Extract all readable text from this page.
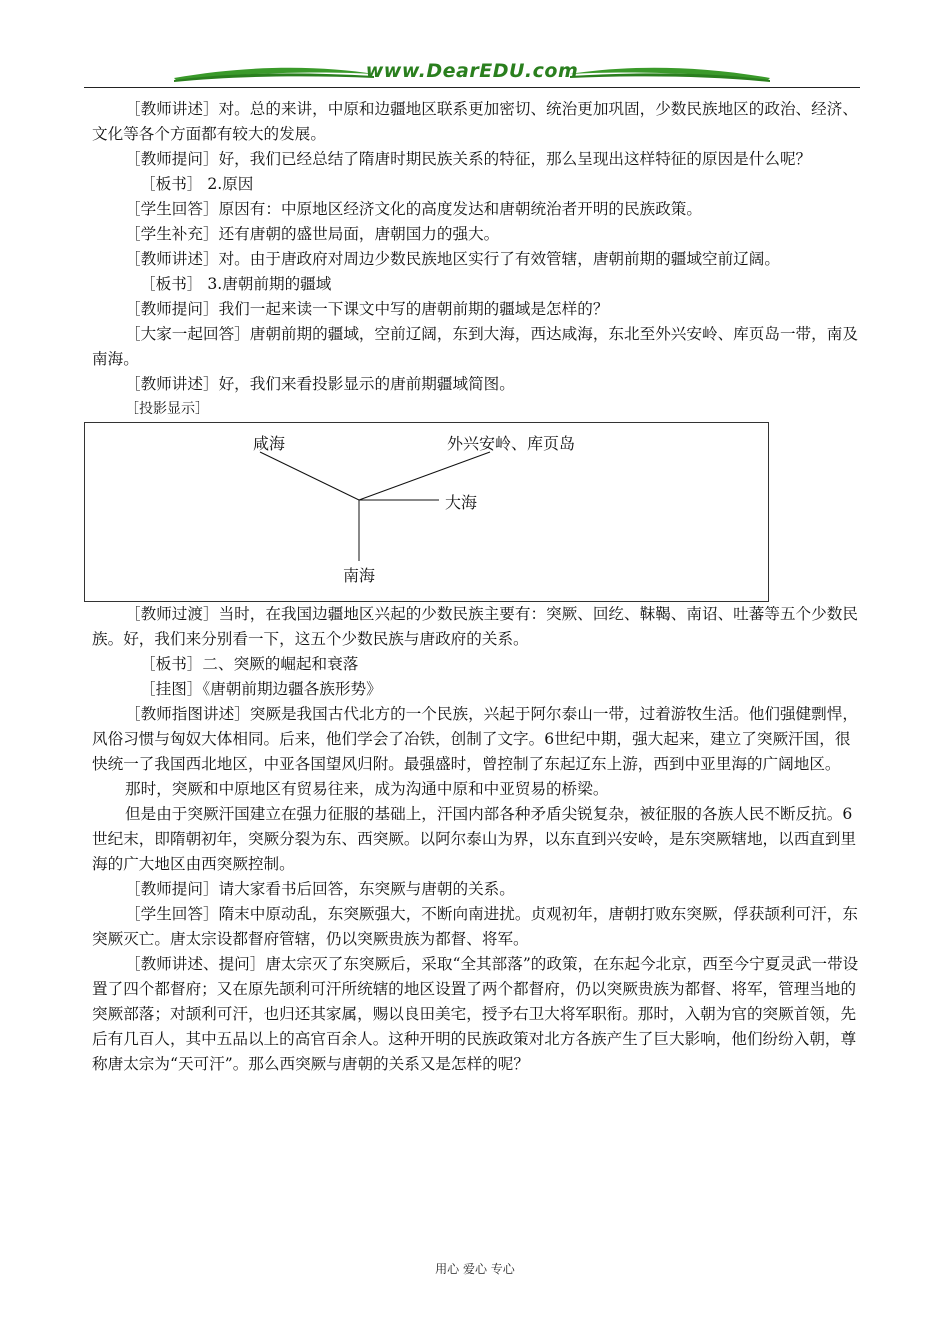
www.DearEDU.com

［教师讲述］对。总的来讲，中原和边疆地区联系更加密切、统治更加巩固，少数民族地区的政治、经济、文化等各个方面都有较大的发展。

［教师提问］好，我们已经总结了隋唐时期民族关系的特征，那么呈现出这样特征的原因是什么呢？

［板书］ 2.原因

［学生回答］原因有：中原地区经济文化的高度发达和唐朝统治者开明的民族政策。

［学生补充］还有唐朝的盛世局面，唐朝国力的强大。

［教师讲述］对。由于唐政府对周边少数民族地区实行了有效管辖，唐朝前期的疆域空前辽阔。

［板书］ 3.唐朝前期的疆域

［教师提问］我们一起来读一下课文中写的唐朝前期的疆域是怎样的？

［大家一起回答］唐朝前期的疆域，空前辽阔，东到大海，西达咸海，东北至外兴安岭、库页岛一带，南及南海。

［教师讲述］好，我们来看投影显示的唐前期疆域简图。

［投影显示］

咸海	外兴安岭、库页岛
大海
南海

［教师过渡］当时，在我国边疆地区兴起的少数民族主要有：突厥、回纥、靺鞨、南诏、吐蕃等五个少数民族。好，我们来分别看一下，这五个少数民族与唐政府的关系。

［板书］二、突厥的崛起和衰落

［挂图］《唐朝前期边疆各族形势》

［教师指图讲述］突厥是我国古代北方的一个民族，兴起于阿尔泰山一带，过着游牧生活。他们强健剽悍，风俗习惯与匈奴大体相同。后来，他们学会了冶铁，创制了文字。6世纪中期，强大起来，建立了突厥汗国，很快统一了我国西北地区，中亚各国望风归附。最强盛时，曾控制了东起辽东上游，西到中亚里海的广阔地区。

那时，突厥和中原地区有贸易往来，成为沟通中原和中亚贸易的桥梁。

但是由于突厥汗国建立在强力征服的基础上，汗国内部各种矛盾尖锐复杂，被征服的各族人民不断反抗。6世纪末，即隋朝初年，突厥分裂为东、西突厥。以阿尔泰山为界，以东直到兴安岭，是东突厥辖地，以西直到里海的广大地区由西突厥控制。

［教师提问］请大家看书后回答，东突厥与唐朝的关系。

［学生回答］隋末中原动乱，东突厥强大，不断向南进扰。贞观初年，唐朝打败东突厥，俘获颉利可汗，东突厥灭亡。唐太宗设都督府管辖，仍以突厥贵族为都督、将军。

［教师讲述、提问］唐太宗灭了东突厥后，采取“全其部落”的政策，在东起今北京，西至今宁夏灵武一带设置了四个都督府；又在原先颉利可汗所统辖的地区设置了两个都督府，仍以突厥贵族为都督、将军，管理当地的突厥部落；对颉利可汗，也归还其家属，赐以良田美宅，授予右卫大将军职衔。那时，入朝为官的突厥首领，先后有几百人，其中五品以上的高官百余人。这种开明的民族政策对北方各族产生了巨大影响，他们纷纷入朝，尊称唐太宗为“天可汗”。那么西突厥与唐朝的关系又是怎样的呢？

用心 爱心 专心
